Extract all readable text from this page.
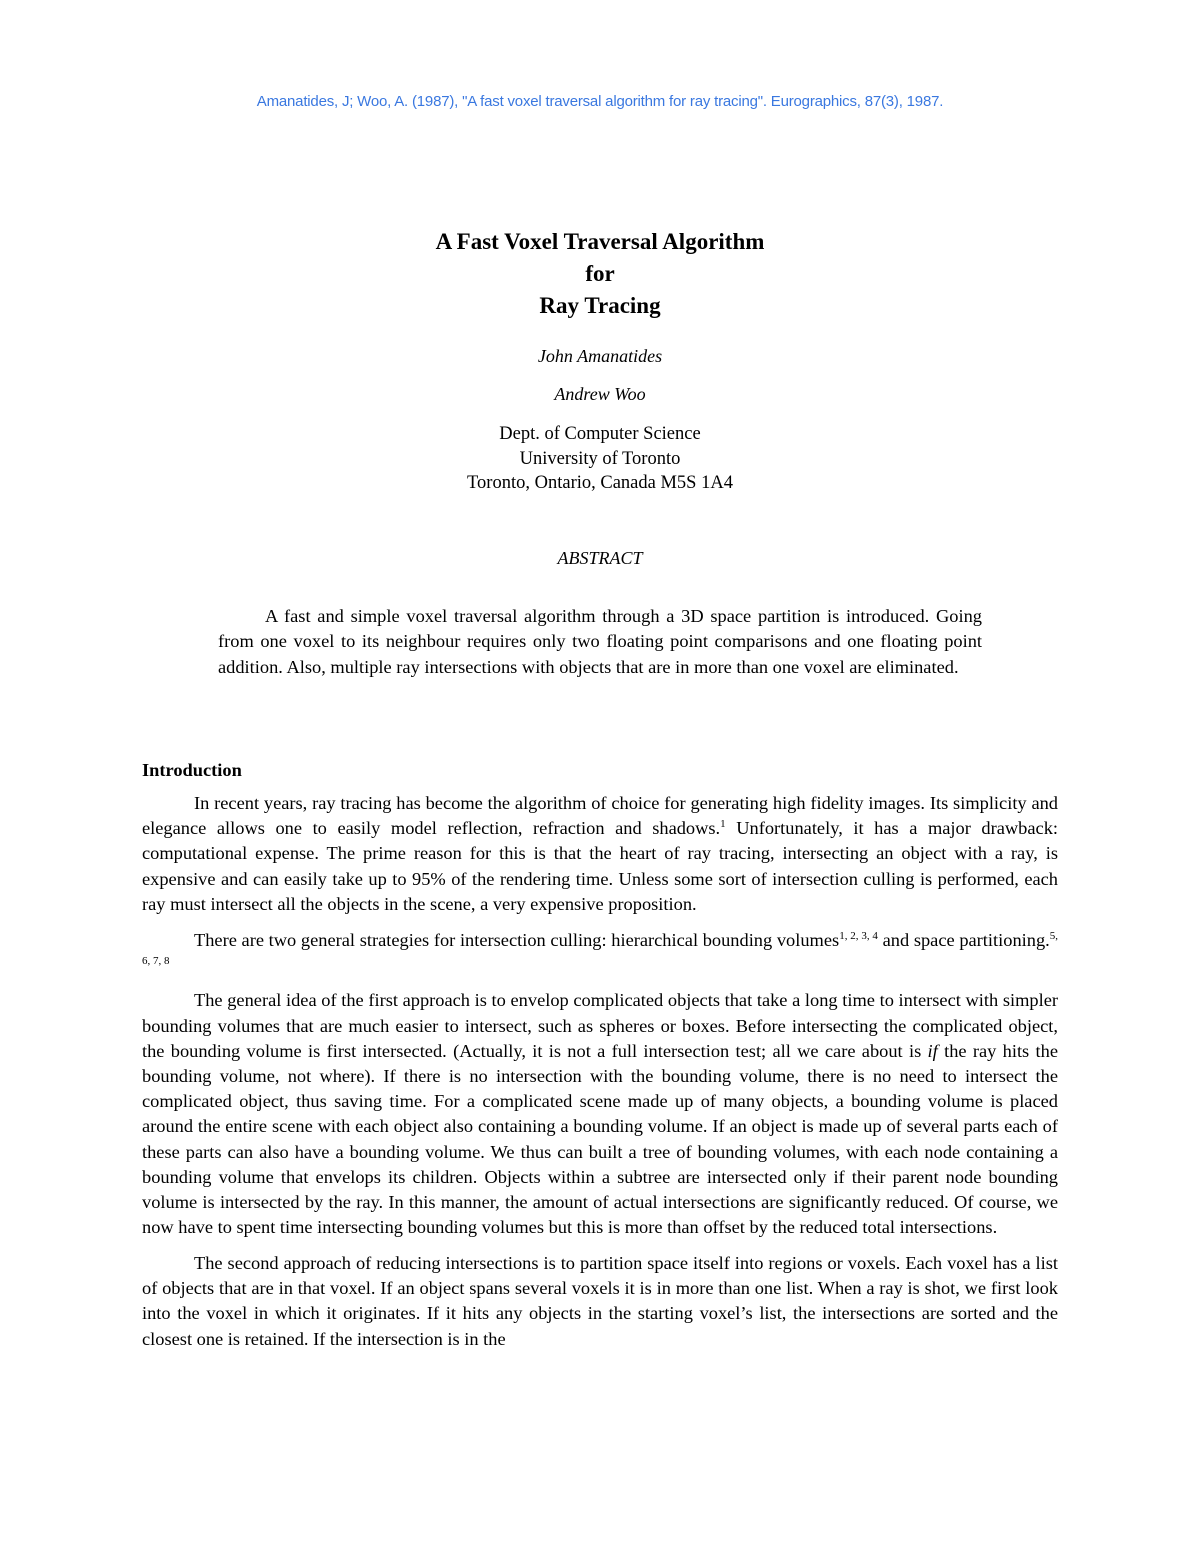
Amanatides, J; Woo, A. (1987), "A fast voxel traversal algorithm for ray tracing". Eurographics, 87(3), 1987.
A Fast Voxel Traversal Algorithm
for
Ray Tracing
John Amanatides
Andrew Woo
Dept. of Computer Science
University of Toronto
Toronto, Ontario, Canada M5S 1A4
ABSTRACT

A fast and simple voxel traversal algorithm through a 3D space partition is introduced. Going from one voxel to its neighbour requires only two floating point comparisons and one floating point addition. Also, multiple ray intersections with objects that are in more than one voxel are eliminated.

Introduction

In recent years, ray tracing has become the algorithm of choice for generating high fidelity images. Its simplicity and elegance allows one to easily model reflection, refraction and shadows.$^1$ Unfortunately, it has a major drawback: computational expense. The prime reason for this is that the heart of ray tracing, intersecting an object with a ray, is expensive and can easily take up to 95% of the rendering time. Unless some sort of intersection culling is performed, each ray must intersect all the objects in the scene, a very expensive proposition.

There are two general strategies for intersection culling: hierarchical bounding volumes$^{1, 2, 3, 4}$ and space partitioning.$^{5, 6, 7, 8}$

The general idea of the first approach is to envelop complicated objects that take a long time to intersect with simpler bounding volumes that are much easier to intersect, such as spheres or boxes. Before intersecting the complicated object, the bounding volume is first intersected. (Actually, it is not a full intersection test; all we care about is if the ray hits the bounding volume, not where). If there is no intersection with the bounding volume, there is no need to intersect the complicated object, thus saving time. For a complicated scene made up of many objects, a bounding volume is placed around the entire scene with each object also containing a bounding volume. If an object is made up of several parts each of these parts can also have a bounding volume. We thus can built a tree of bounding volumes, with each node containing a bounding volume that envelops its children. Objects within a subtree are intersected only if their parent node bounding volume is intersected by the ray. In this manner, the amount of actual intersections are significantly reduced. Of course, we now have to spent time intersecting bounding volumes but this is more than offset by the reduced total intersections.

The second approach of reducing intersections is to partition space itself into regions or voxels. Each voxel has a list of objects that are in that voxel. If an object spans several voxels it is in more than one list. When a ray is shot, we first look into the voxel in which it originates. If it hits any objects in the starting voxel’s list, the intersections are sorted and the closest one is retained. If the intersection is in the
